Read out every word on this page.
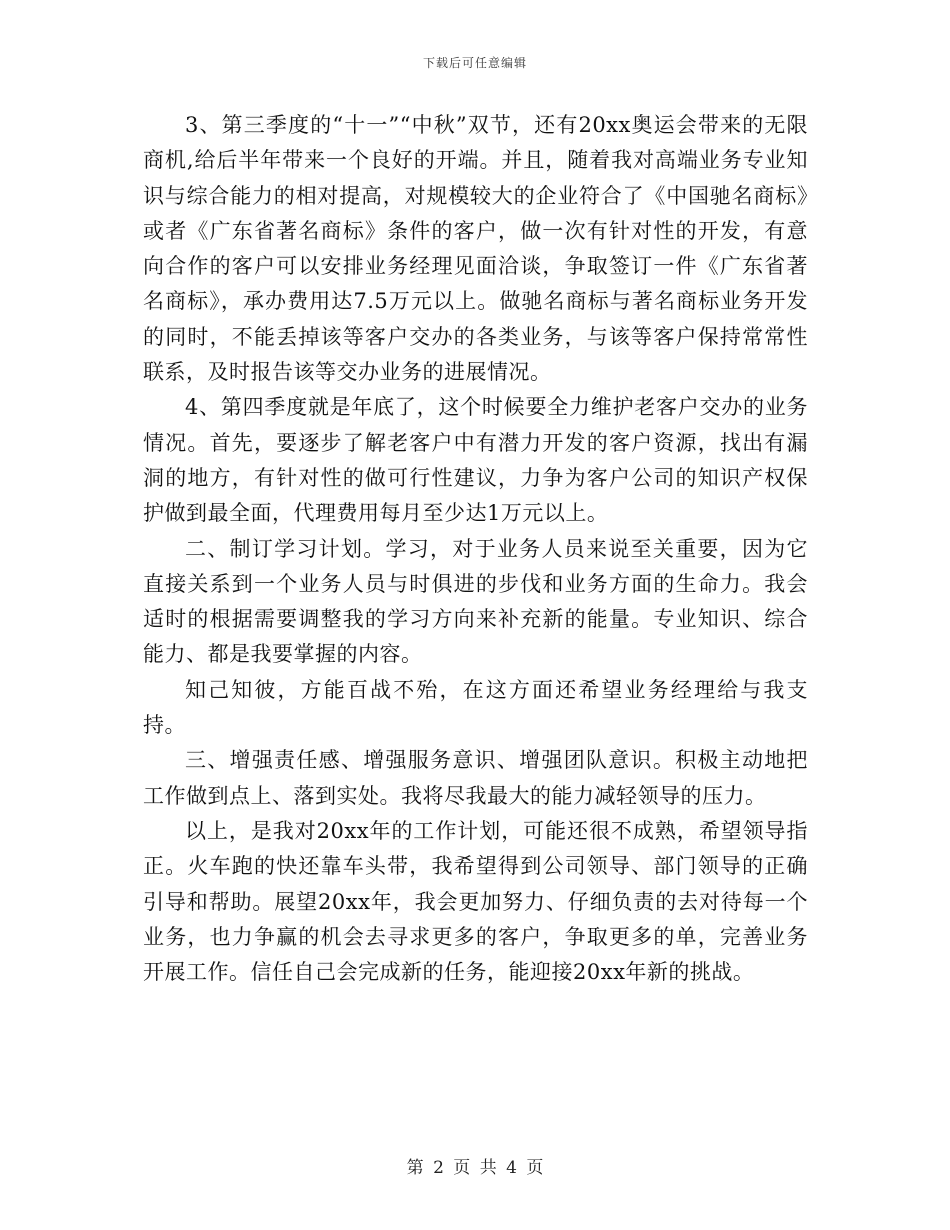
下载后可任意编辑

3、第三季度的“十一”“中秋”双节，还有20xx奥运会带来的无限商机,给后半年带来一个良好的开端。并且，随着我对高端业务专业知识与综合能力的相对提高，对规模较大的企业符合了《中国驰名商标》或者《广东省著名商标》条件的客户，做一次有针对性的开发，有意向合作的客户可以安排业务经理见面洽谈，争取签订一件《广东省著名商标》，承办费用达7.5万元以上。做驰名商标与著名商标业务开发的同时，不能丢掉该等客户交办的各类业务，与该等客户保持常常性联系，及时报告该等交办业务的进展情况。

4、第四季度就是年底了，这个时候要全力维护老客户交办的业务情况。首先，要逐步了解老客户中有潜力开发的客户资源，找出有漏洞的地方，有针对性的做可行性建议，力争为客户公司的知识产权保护做到最全面，代理费用每月至少达1万元以上。

二、制订学习计划。学习，对于业务人员来说至关重要，因为它直接关系到一个业务人员与时俱进的步伐和业务方面的生命力。我会适时的根据需要调整我的学习方向来补充新的能量。专业知识、综合能力、都是我要掌握的内容。

知己知彼，方能百战不殆，在这方面还希望业务经理给与我支持。

三、增强责任感、增强服务意识、增强团队意识。积极主动地把工作做到点上、落到实处。我将尽我最大的能力减轻领导的压力。

以上，是我对20xx年的工作计划，可能还很不成熟，希望领导指正。火车跑的快还靠车头带，我希望得到公司领导、部门领导的正确引导和帮助。展望20xx年，我会更加努力、仔细负责的去对待每一个业务，也力争赢的机会去寻求更多的客户，争取更多的单，完善业务开展工作。信任自己会完成新的任务，能迎接20xx年新的挑战。

第 2 页 共 4 页
